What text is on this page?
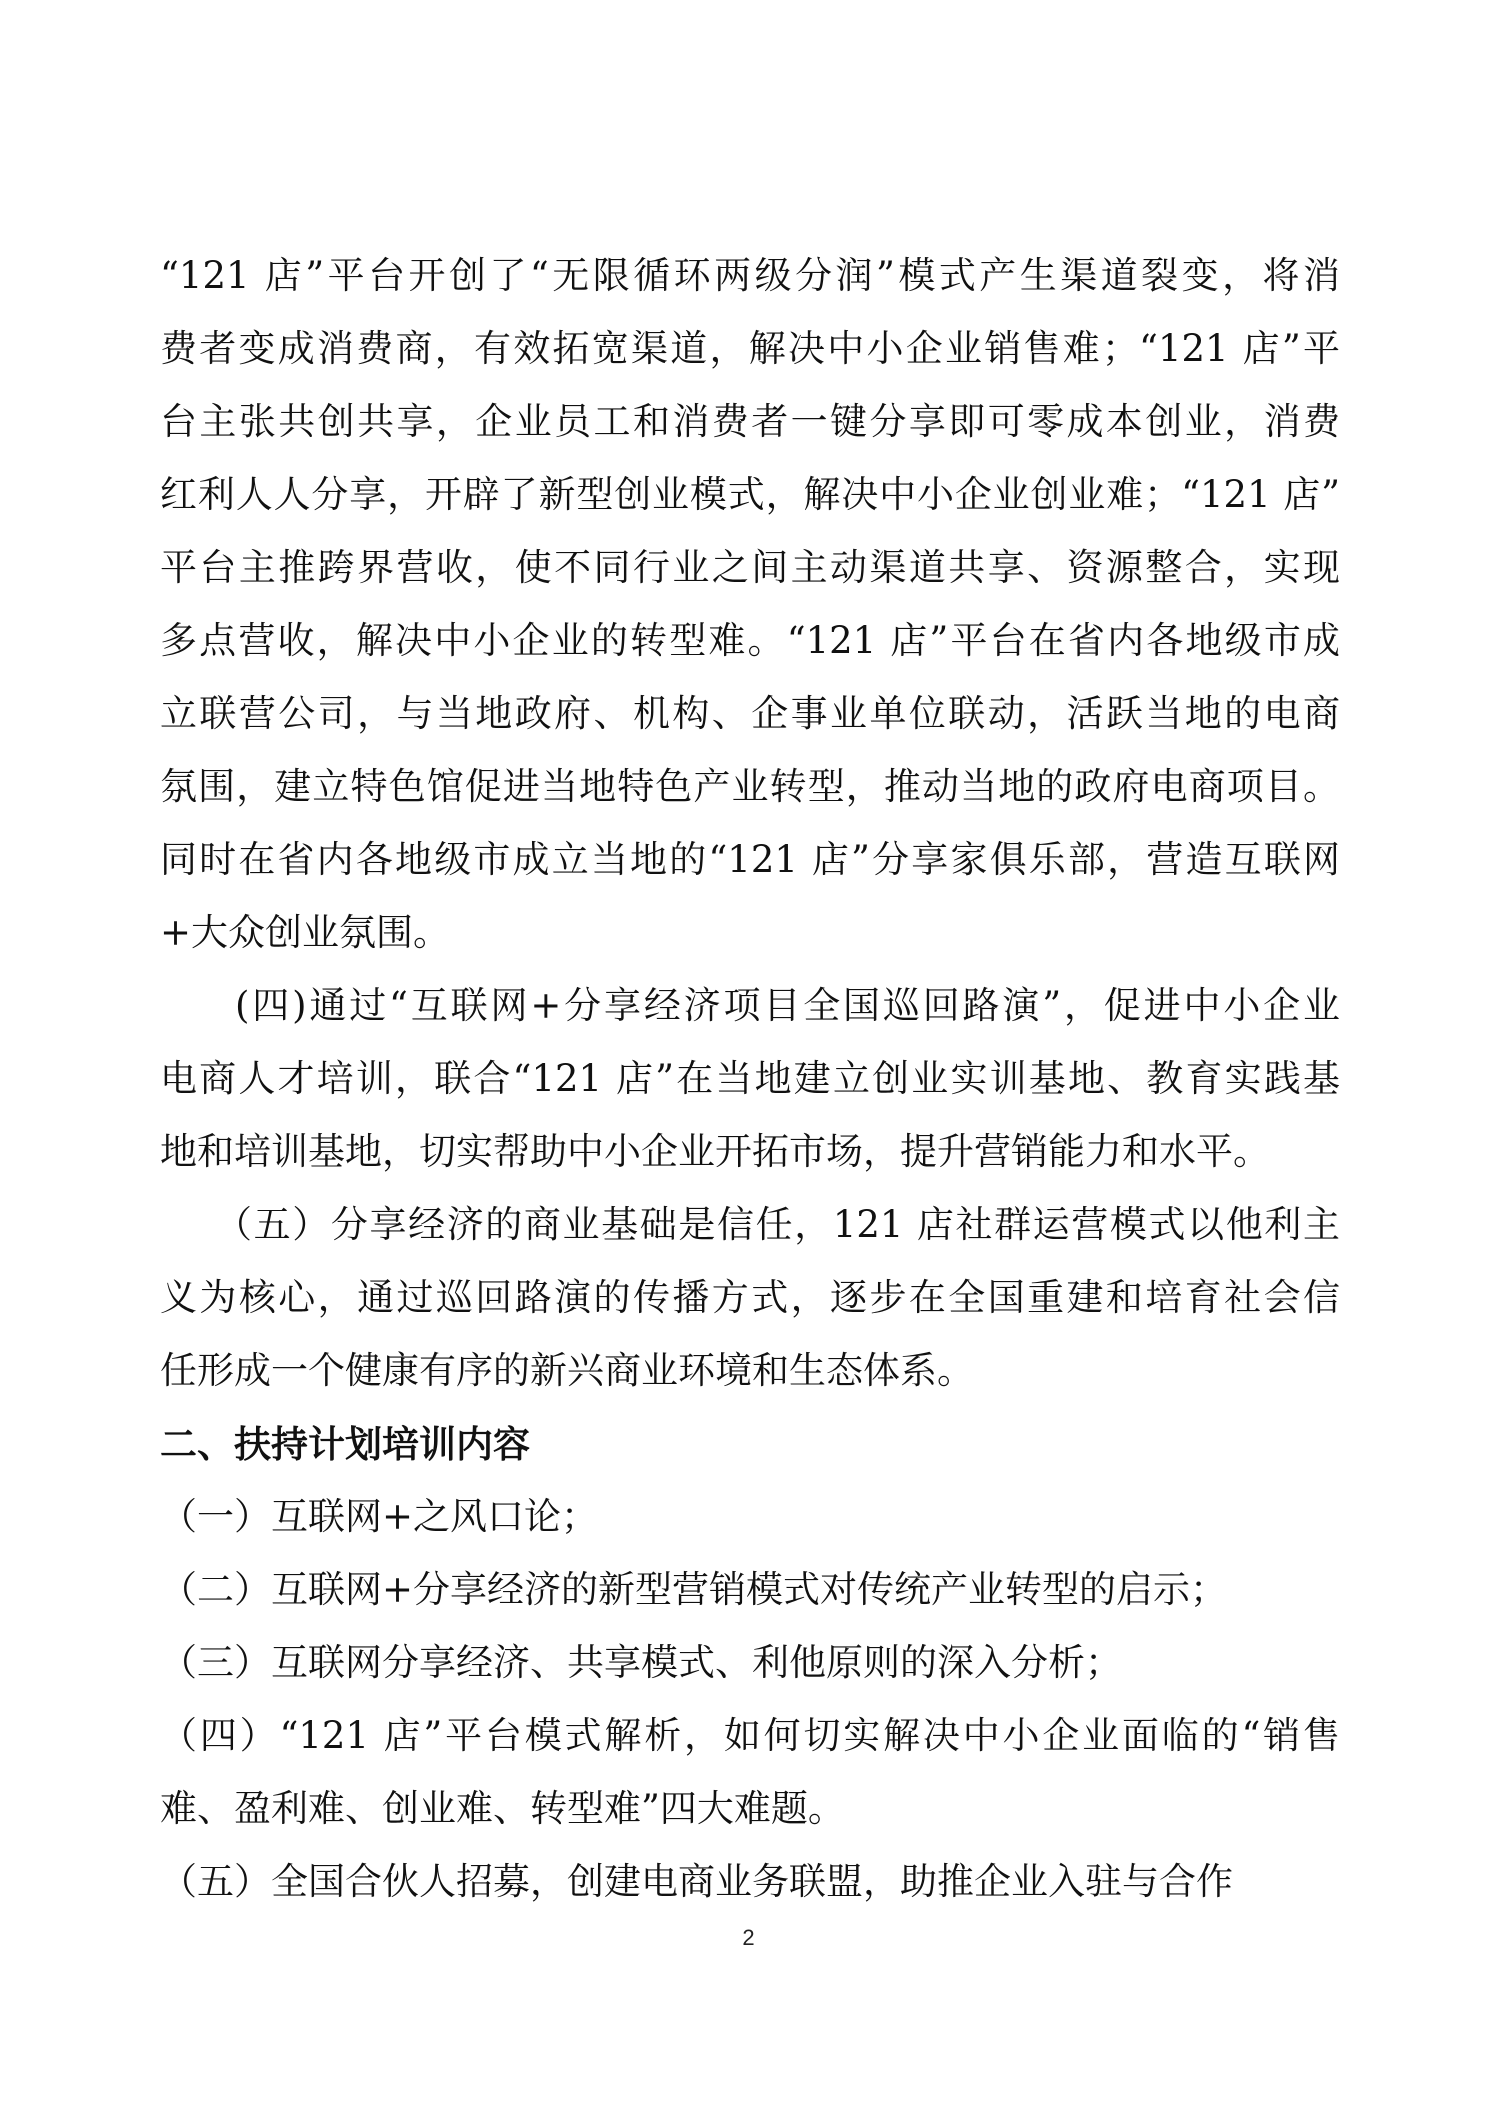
“121 店”平台开创了“无限循环两级分润”模式产生渠道裂变，将消
费者变成消费商，有效拓宽渠道，解决中小企业销售难；“121 店”平
台主张共创共享，企业员工和消费者一键分享即可零成本创业，消费
红利人人分享，开辟了新型创业模式，解决中小企业创业难；“121 店”
平台主推跨界营收，使不同行业之间主动渠道共享、资源整合，实现
多点营收，解决中小企业的转型难。“121 店”平台在省内各地级市成
立联营公司，与当地政府、机构、企事业单位联动，活跃当地的电商
氛围，建立特色馆促进当地特色产业转型，推动当地的政府电商项目。
同时在省内各地级市成立当地的“121 店”分享家俱乐部，营造互联网
+大众创业氛围。
(四)通过“互联网+分享经济项目全国巡回路演”，促进中小企业
电商人才培训，联合“121 店”在当地建立创业实训基地、教育实践基
地和培训基地，切实帮助中小企业开拓市场，提升营销能力和水平。
（五）分享经济的商业基础是信任，121 店社群运营模式以他利主
义为核心，通过巡回路演的传播方式，逐步在全国重建和培育社会信
任形成一个健康有序的新兴商业环境和生态体系。
二、扶持计划培训内容
（一）互联网+之风口论；
（二）互联网+分享经济的新型营销模式对传统产业转型的启示；
（三）互联网分享经济、共享模式、利他原则的深入分析；
（四）“121 店”平台模式解析，如何切实解决中小企业面临的“销售
难、盈利难、创业难、转型难”四大难题。
（五）全国合伙人招募，创建电商业务联盟，助推企业入驻与合作
2
